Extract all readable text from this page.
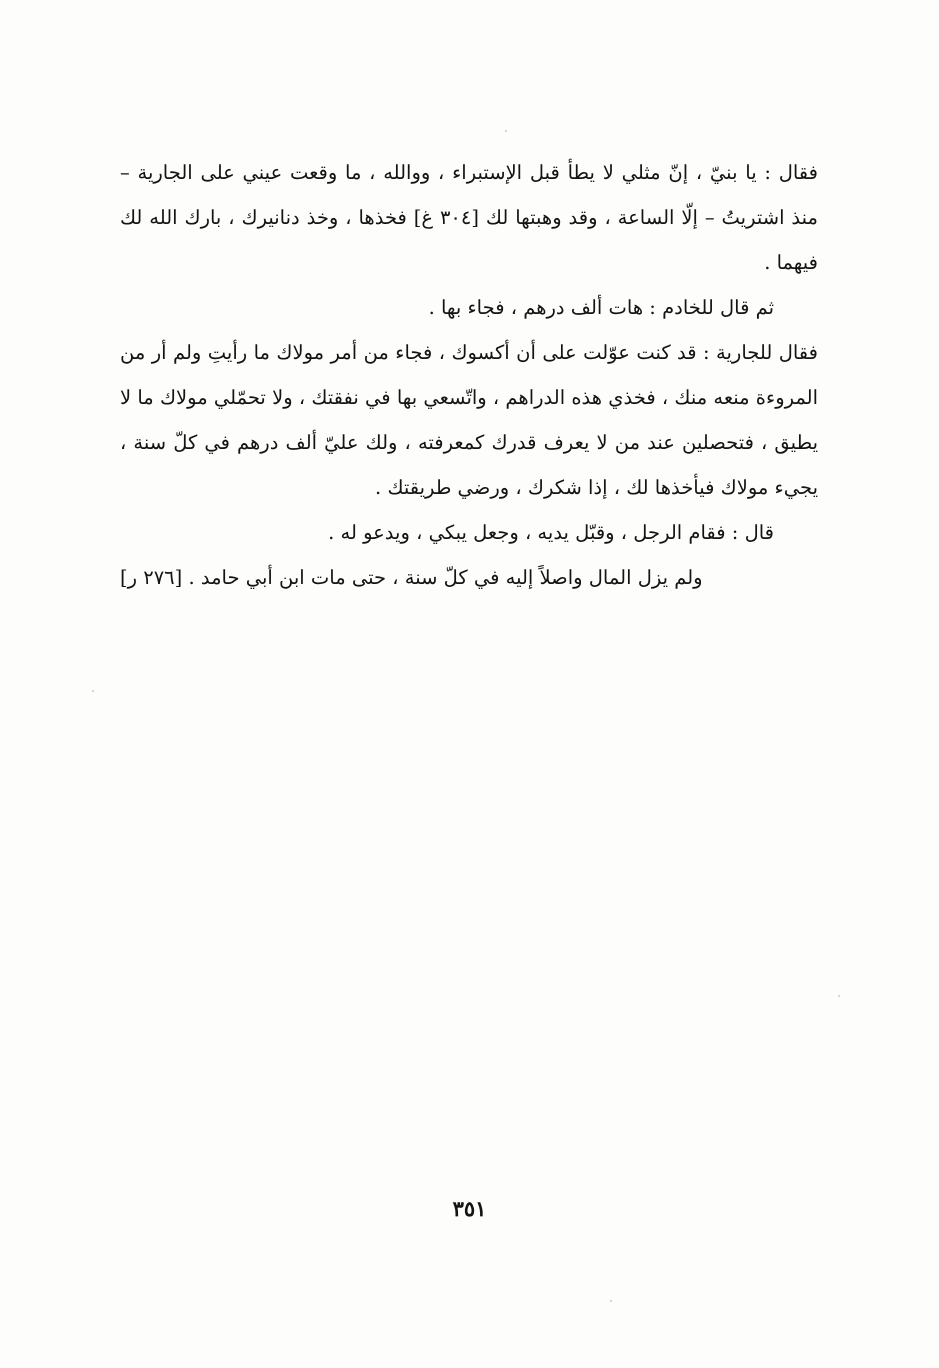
فقال : يا بنيّ ، إنّ مثلي لا يطأ قبل الإستبراء ، ووالله ، ما وقعت عيني على الجارية – منذ اشتريتُ – إلّا الساعة ، وقد وهبتها لك [٣٠٤ غ] فخذها ، وخذ دنانيرك ، بارك الله لك فيهما .

ثم قال للخادم : هات ألف درهم ، فجاء بها .

فقال للجارية : قد كنت عوّلت على أن أكسوك ، فجاء من أمر مولاك ما رأيتِ ولم أر من المروءة منعه منك ، فخذي هذه الدراهم ، واتّسعي بها في نفقتك ، ولا تحمّلي مولاك ما لا يطيق ، فتحصلين عند من لا يعرف قدرك كمعرفته ، ولك عليّ ألف درهم في كلّ سنة ، يجيء مولاك فيأخذها لك ، إذا شكرك ، ورضي طريقتك .

قال : فقام الرجل ، وقبّل يديه ، وجعل يبكي ، ويدعو له .

ولم يزل المال واصلاً إليه في كلّ سنة ، حتى مات ابن أبي حامد . [٢٧٦ ر]

٣٥١
